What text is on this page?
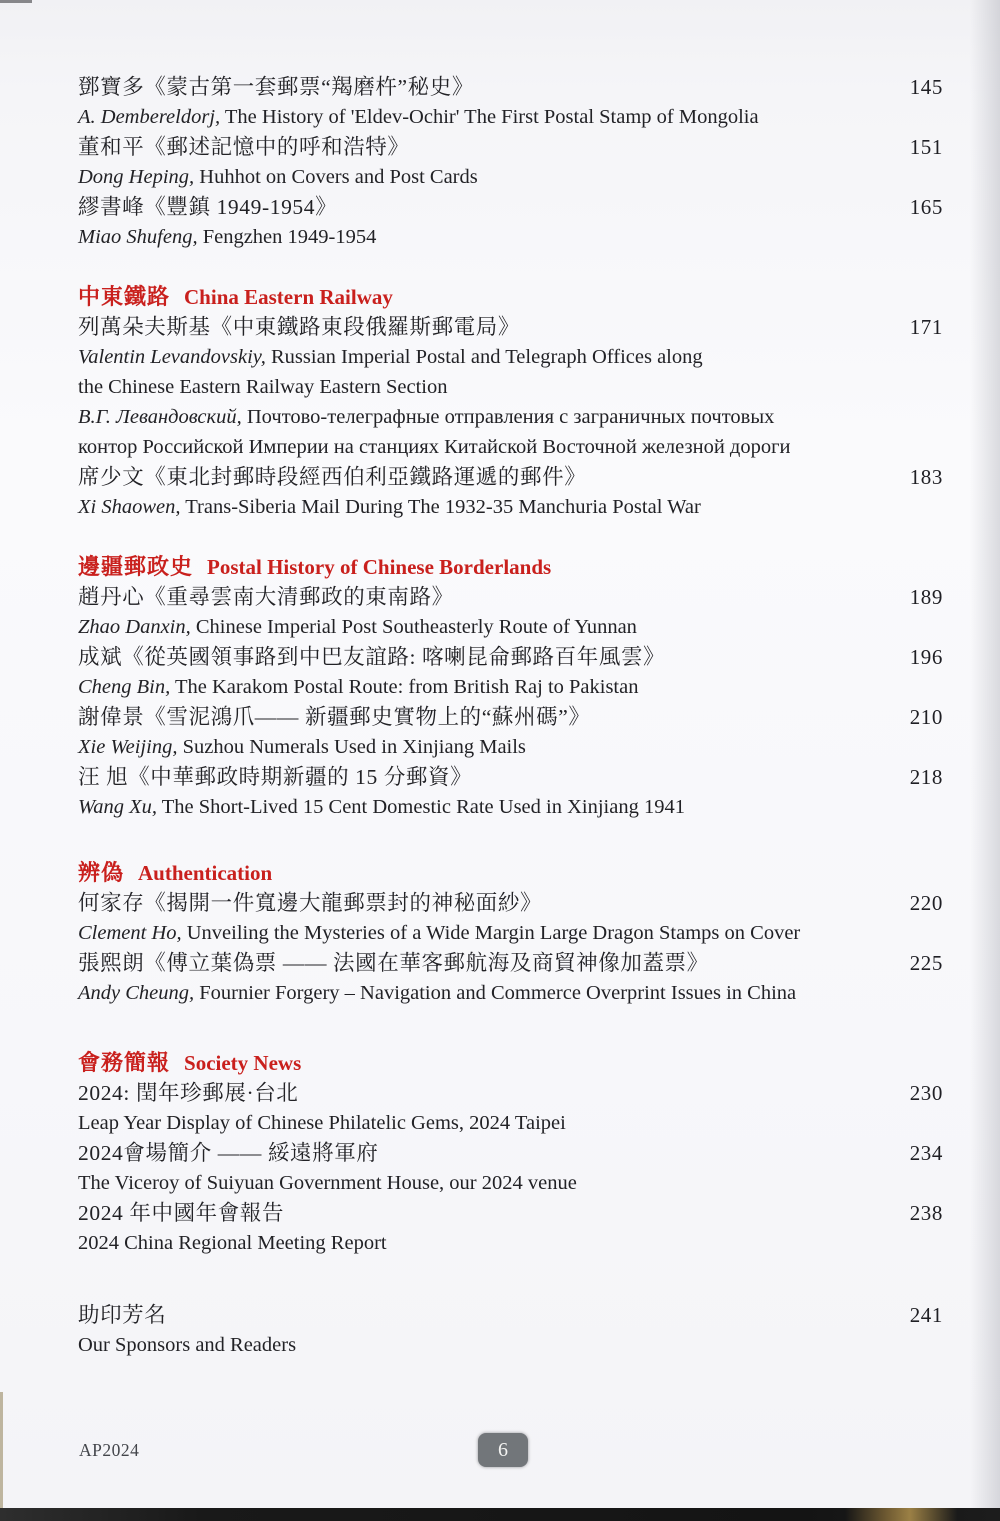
鄧寶多《蒙古第一套郵票“羯磨杵”秘史》	145
A. Dembereldorj, The History of 'Eldev-Ochir' The First Postal Stamp of Mongolia
董和平《郵述記憶中的呼和浩特》	151
Dong Heping, Huhhot on Covers and Post Cards
繆書峰《豐鎮 1949-1954》	165
Miao Shufeng, Fengzhen 1949-1954
中東鐵路 China Eastern Railway
列萬朵夫斯基《中東鐵路東段俄羅斯郵電局》	171
Valentin Levandovskiy, Russian Imperial Postal and Telegraph Offices along
the Chinese Eastern Railway Eastern Section
В.Г. Левандовский, Почтово-телеграфные отправления с заграничных почтовых
контор Российской Империи на станциях Китайской Восточной железной дороги
席少文《東北封郵時段經西伯利亞鐵路運遞的郵件》	183
Xi Shaowen, Trans-Siberia Mail During The 1932-35 Manchuria Postal War
邊疆郵政史 Postal History of Chinese Borderlands
趙丹心《重尋雲南大清郵政的東南路》	189
Zhao Danxin, Chinese Imperial Post Southeasterly Route of Yunnan
成斌《從英國領事路到中巴友誼路: 喀喇昆侖郵路百年風雲》	196
Cheng Bin, The Karakom Postal Route: from British Raj to Pakistan
謝偉景《雪泥鴻爪—— 新疆郵史實物上的“蘇州碼”》	210
Xie Weijing, Suzhou Numerals Used in Xinjiang Mails
汪 旭《中華郵政時期新疆的 15 分郵資》	218
Wang Xu, The Short-Lived 15 Cent Domestic Rate Used in Xinjiang 1941
辨偽 Authentication
何家存《揭開一件寬邊大龍郵票封的神秘面紗》	220
Clement Ho, Unveiling the Mysteries of a Wide Margin Large Dragon Stamps on Cover
張熙朗《傅立葉偽票 —— 法國在華客郵航海及商貿神像加蓋票》	225
Andy Cheung, Fournier Forgery – Navigation and Commerce Overprint Issues in China
會務簡報 Society News
2024: 閏年珍郵展·台北	230
Leap Year Display of Chinese Philatelic Gems, 2024 Taipei
2024會場簡介 —— 綏遠將軍府	234
The Viceroy of Suiyuan Government House, our 2024 venue
2024 年中國年會報告	238
2024 China Regional Meeting Report
助印芳名	241
Our Sponsors and Readers
AP2024	6
